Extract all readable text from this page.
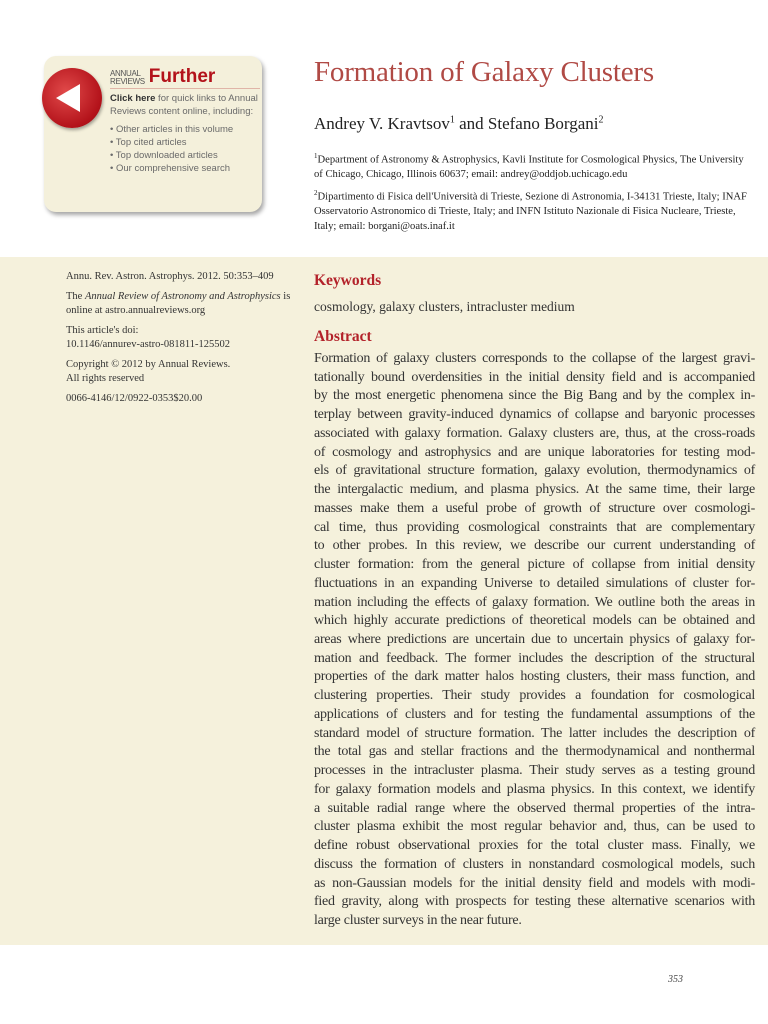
ANNUAL
REVIEWS Further
Click here for quick links to Annual Reviews content online, including:
• Other articles in this volume
• Top cited articles
• Top downloaded articles
• Our comprehensive search
Formation of Galaxy Clusters
Andrey V. Kravtsov$^1$ and Stefano Borgani$^2$

$^1$Department of Astronomy & Astrophysics, Kavli Institute for Cosmological Physics, The University of Chicago, Chicago, Illinois 60637; email: andrey@oddjob.uchicago.edu

$^2$Dipartimento di Fisica dell'Università di Trieste, Sezione di Astronomia, I-34131 Trieste, Italy; INAF Osservatorio Astronomico di Trieste, Italy; and INFN Istituto Nazionale di Fisica Nucleare, Trieste, Italy; email: borgani@oats.inaf.it

Annu. Rev. Astron. Astrophys. 2012. 50:353–409

The Annual Review of Astronomy and Astrophysics is online at astro.annualreviews.org

This article's doi:
10.1146/annurev-astro-081811-125502

Copyright © 2012 by Annual Reviews.
All rights reserved

0066-4146/12/0922-0353$20.00

Keywords
cosmology, galaxy clusters, intracluster medium
Abstract
Formation of galaxy clusters corresponds to the collapse of the largest gravi-
tationally bound overdensities in the initial density field and is accompanied
by the most energetic phenomena since the Big Bang and by the complex in-
terplay between gravity-induced dynamics of collapse and baryonic processes
associated with galaxy formation. Galaxy clusters are, thus, at the cross-roads
of cosmology and astrophysics and are unique laboratories for testing mod-
els of gravitational structure formation, galaxy evolution, thermodynamics of
the intergalactic medium, and plasma physics. At the same time, their large
masses make them a useful probe of growth of structure over cosmologi-
cal time, thus providing cosmological constraints that are complementary
to other probes. In this review, we describe our current understanding of
cluster formation: from the general picture of collapse from initial density
fluctuations in an expanding Universe to detailed simulations of cluster for-
mation including the effects of galaxy formation. We outline both the areas in
which highly accurate predictions of theoretical models can be obtained and
areas where predictions are uncertain due to uncertain physics of galaxy for-
mation and feedback. The former includes the description of the structural
properties of the dark matter halos hosting clusters, their mass function, and
clustering properties. Their study provides a foundation for cosmological
applications of clusters and for testing the fundamental assumptions of the
standard model of structure formation. The latter includes the description of
the total gas and stellar fractions and the thermodynamical and nonthermal
processes in the intracluster plasma. Their study serves as a testing ground
for galaxy formation models and plasma physics. In this context, we identify
a suitable radial range where the observed thermal properties of the intra-
cluster plasma exhibit the most regular behavior and, thus, can be used to
define robust observational proxies for the total cluster mass. Finally, we
discuss the formation of clusters in nonstandard cosmological models, such
as non-Gaussian models for the initial density field and models with modi-
fied gravity, along with prospects for testing these alternative scenarios with
large cluster surveys in the near future.
353
